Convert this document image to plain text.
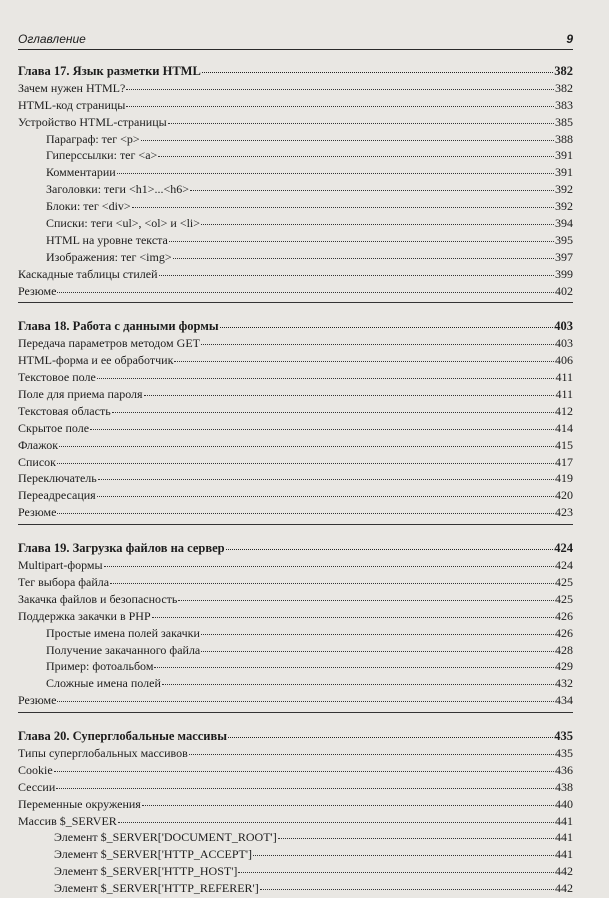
Оглавление	9
Глава 17. Язык разметки HTML	382
Зачем нужен HTML?	382
HTML-код страницы	383
Устройство HTML-страницы	385
Параграф: тег <p>	388
Гиперссылки: тег <a>	391
Комментарии	391
Заголовки: теги <h1>...<h6>	392
Блоки: тег <div>	392
Списки: теги <ul>, <ol> и <li>	394
HTML на уровне текста	395
Изображения: тег <img>	397
Каскадные таблицы стилей	399
Резюме	402
Глава 18. Работа с данными формы	403
Передача параметров методом GET	403
HTML-форма и ее обработчик	406
Текстовое поле	411
Поле для приема пароля	411
Текстовая область	412
Скрытое поле	414
Флажок	415
Список	417
Переключатель	419
Переадресация	420
Резюме	423
Глава 19. Загрузка файлов на сервер	424
Multipart-формы	424
Тег выбора файла	425
Закачка файлов и безопасность	425
Поддержка закачки в PHP	426
Простые имена полей закачки	426
Получение закачанного файла	428
Пример: фотоальбом	429
Сложные имена полей	432
Резюме	434
Глава 20. Суперглобальные массивы	435
Типы суперглобальных массивов	435
Cookie	436
Сессии	438
Переменные окружения	440
Массив $_SERVER	441
Элемент $_SERVER['DOCUMENT_ROOT']	441
Элемент $_SERVER['HTTP_ACCEPT']	441
Элемент $_SERVER['HTTP_HOST']	442
Элемент $_SERVER['HTTP_REFERER']	442
